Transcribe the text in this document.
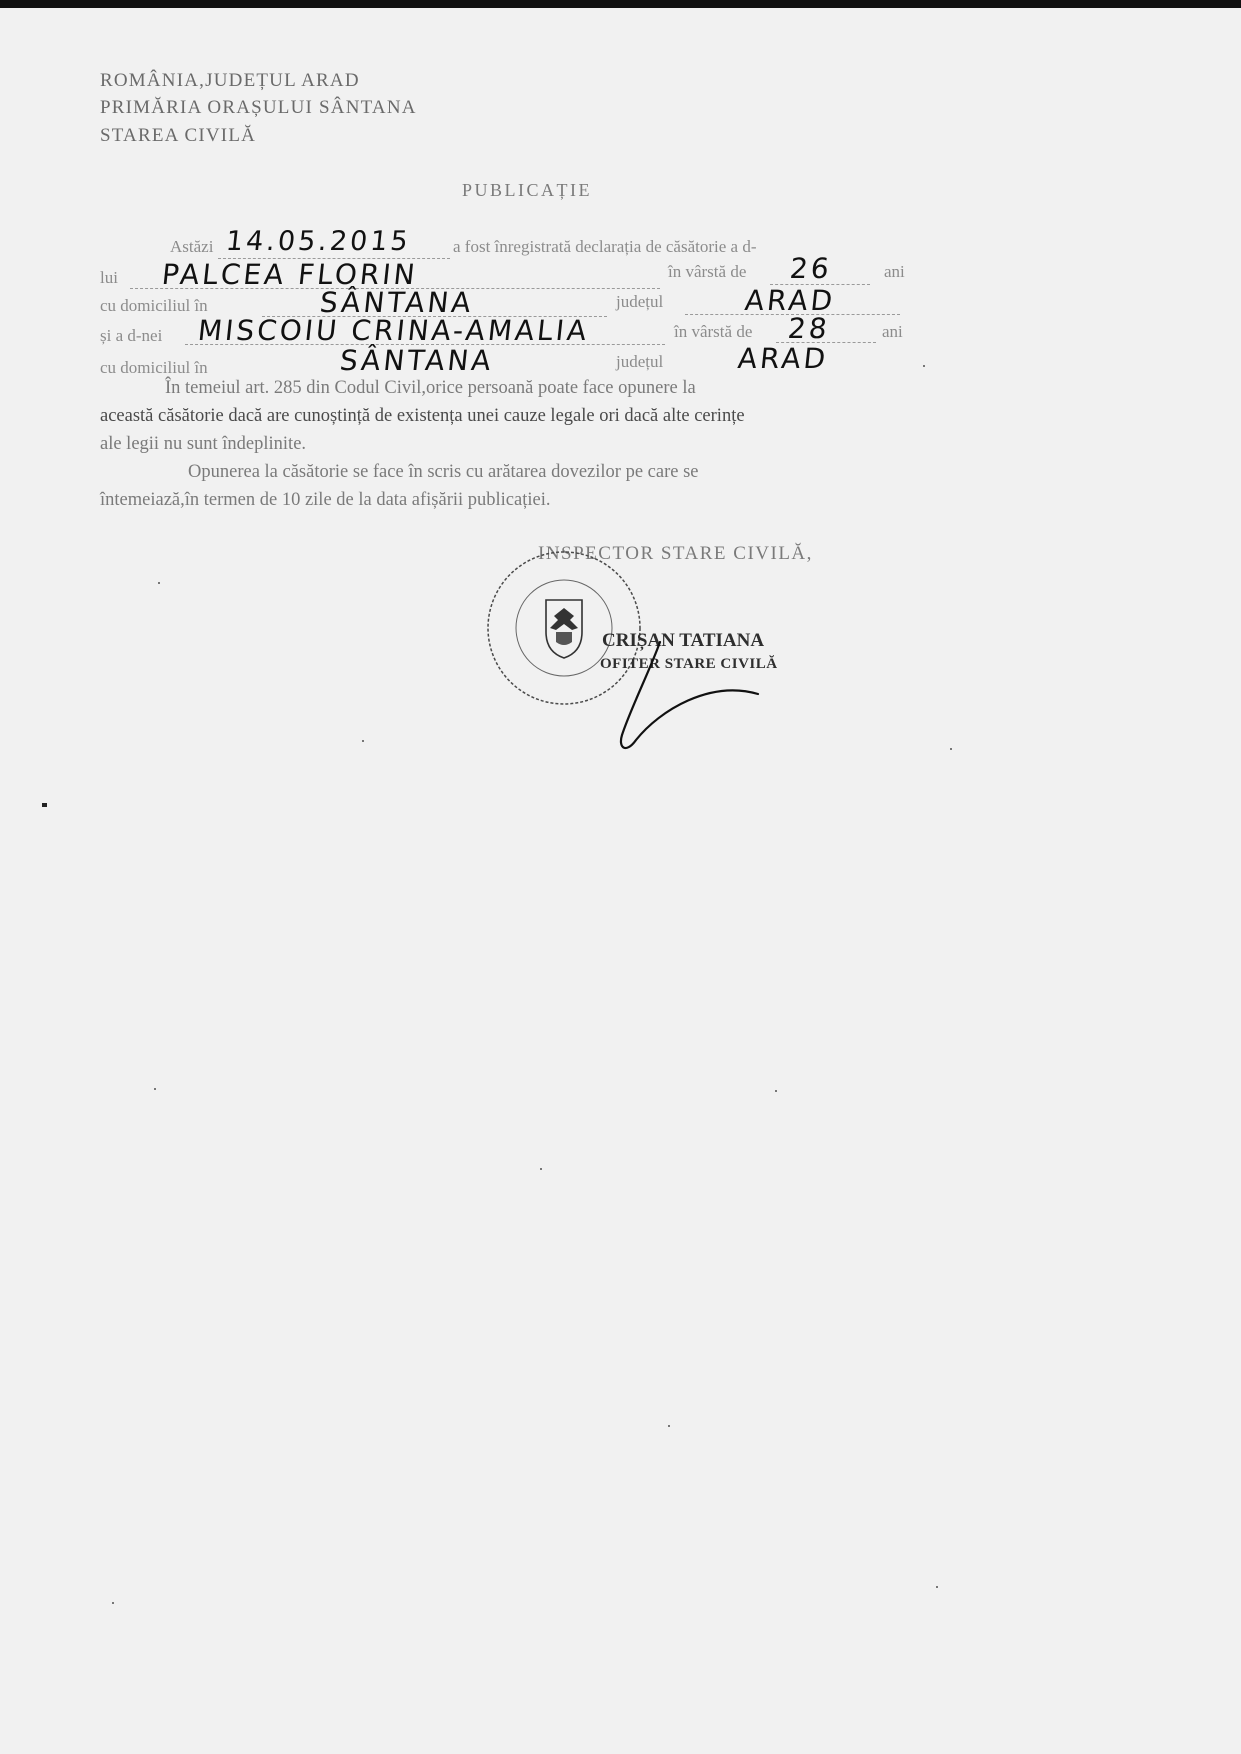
ROMÂNIA,JUDEȚUL ARAD
PRIMĂRIA ORAȘULUI SÂNTANA
STAREA CIVILĂ
PUBLICAȚIE
Astăzi 14.05.2015 a fost înregistrată declarația de căsătorie a d-
lui PALCEA FLORIN	în vârstă de 26	ani
cu domiciliul în	SÂNTANA	județul	ARAD
și a d-nei MISCOIU CRINA-AMALIA	în vârstă de 28	ani
cu domiciliul în	SÂNTANA	județul	ARAD
În temeiul art. 285 din Codul Civil,orice persoană poate face opunere la
această căsătorie dacă are cunoștință de existența unei cauze legale ori dacă alte cerințe
ale legii nu sunt îndeplinite.
Opunerea la căsătorie se face în scris cu arătarea dovezilor pe care se
întemeiază,în termen de 10 zile de la data afișării publicației.
INSPECTOR STARE CIVILĂ,
CRIȘAN TATIANA
OFITER STARE CIVILĂ
